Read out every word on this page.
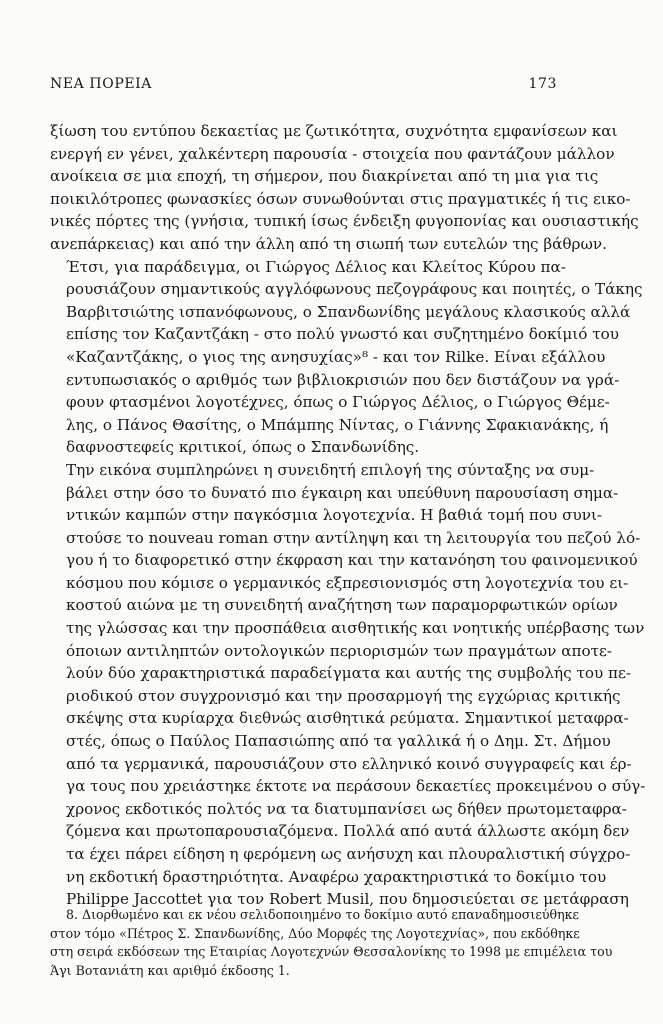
ΝΕΑ ΠΟΡΕΙΑ	173

ξίωση του εντύπου δεκαετίας με ζωτικότητα, συχνότητα εμφανίσεων και
ενεργή εν γένει, χαλκέντερη παρουσία - στοιχεία που φαντάζουν μάλλον
ανοίκεια σε μια εποχή, τη σήμερον, που διακρίνεται από τη μια για τις
ποικιλότροπες φωνασκίες όσων συνωθούνται στις πραγματικές ή τις εικο-
νικές πόρτες της (γνήσια, τυπική ίσως ένδειξη φυγοπονίας και ουσιαστικής
ανεπάρκειας) και από την άλλη από τη σιωπή των ευτελών της βάθρων.

Έτσι, για παράδειγμα, οι Γιώργος Δέλιος και Κλείτος Κύρου πα-
ρουσιάζουν σημαντικούς αγγλόφωνους πεζογράφους και ποιητές, ο Τάκης
Βαρβιτσιώτης ισπανόφωνους, ο Σπανδωνίδης μεγάλους κλασικούς αλλά
επίσης τον Καζαντζάκη - στο πολύ γνωστό και συζητημένο δοκίμιό του
«Καζαντζάκης, ο γιος της ανησυχίας»⁸ - και τον Rilke. Είναι εξάλλου
εντυπωσιακός ο αριθμός των βιβλιοκρισιών που δεν διστάζουν να γρά-
φουν φτασμένοι λογοτέχνες, όπως ο Γιώργος Δέλιος, ο Γιώργος Θέμε-
λης, ο Πάνος Θασίτης, ο Μπάμπης Νίντας, ο Γιάννης Σφακιανάκης, ή
δαφνοστεφείς κριτικοί, όπως ο Σπανδωνίδης.

Την εικόνα συμπληρώνει η συνειδητή επιλογή της σύνταξης να συμ-
βάλει στην όσο το δυνατό πιο έγκαιρη και υπεύθυνη παρουσίαση σημα-
ντικών καμπών στην παγκόσμια λογοτεχνία. Η βαθιά τομή που συνι-
στούσε το nouveau roman στην αντίληψη και τη λειτουργία του πεζού λό-
γου ή το διαφορετικό στην έκφραση και την κατανόηση του φαινομενικού
κόσμου που κόμισε ο γερμανικός εξπρεσιονισμός στη λογοτεχνία του ει-
κοστού αιώνα με τη συνειδητή αναζήτηση των παραμορφωτικών ορίων
της γλώσσας και την προσπάθεια αισθητικής και νοητικής υπέρβασης των
όποιων αντιληπτών οντολογικών περιορισμών των πραγμάτων αποτε-
λούν δύο χαρακτηριστικά παραδείγματα και αυτής της συμβολής του πε-
ριοδικού στον συγχρονισμό και την προσαρμογή της εγχώριας κριτικής
σκέψης στα κυρίαρχα διεθνώς αισθητικά ρεύματα. Σημαντικοί μεταφρα-
στές, όπως ο Παύλος Παπασιώπης από τα γαλλικά ή ο Δημ. Στ. Δήμου
από τα γερμανικά, παρουσιάζουν στο ελληνικό κοινό συγγραφείς και έρ-
γα τους που χρειάστηκε έκτοτε να περάσουν δεκαετίες προκειμένου ο σύγ-
χρονος εκδοτικός πολτός να τα διατυμπανίσει ως δήθεν πρωτομεταφρα-
ζόμενα και πρωτοπαρουσιαζόμενα. Πολλά από αυτά άλλωστε ακόμη δεν
τα έχει πάρει είδηση η φερόμενη ως ανήσυχη και πλουραλιστική σύγχρο-
νη εκδοτική δραστηριότητα. Αναφέρω χαρακτηριστικά το δοκίμιο του
Philippe Jaccottet για τον Robert Musil, που δημοσιεύεται σε μετάφραση

8. Διορθωμένο και εκ νέου σελιδοποιημένο το δοκίμιο αυτό επαναδημοσιεύθηκε
στον τόμο «Πέτρος Σ. Σπανδωνίδης, Δύο Μορφές της Λογοτεχνίας», που εκδόθηκε
στη σειρά εκδόσεων της Εταιρίας Λογοτεχνών Θεσσαλονίκης το 1998 με επιμέλεια του
Άγι Βοτανιάτη και αριθμό έκδοσης 1.
